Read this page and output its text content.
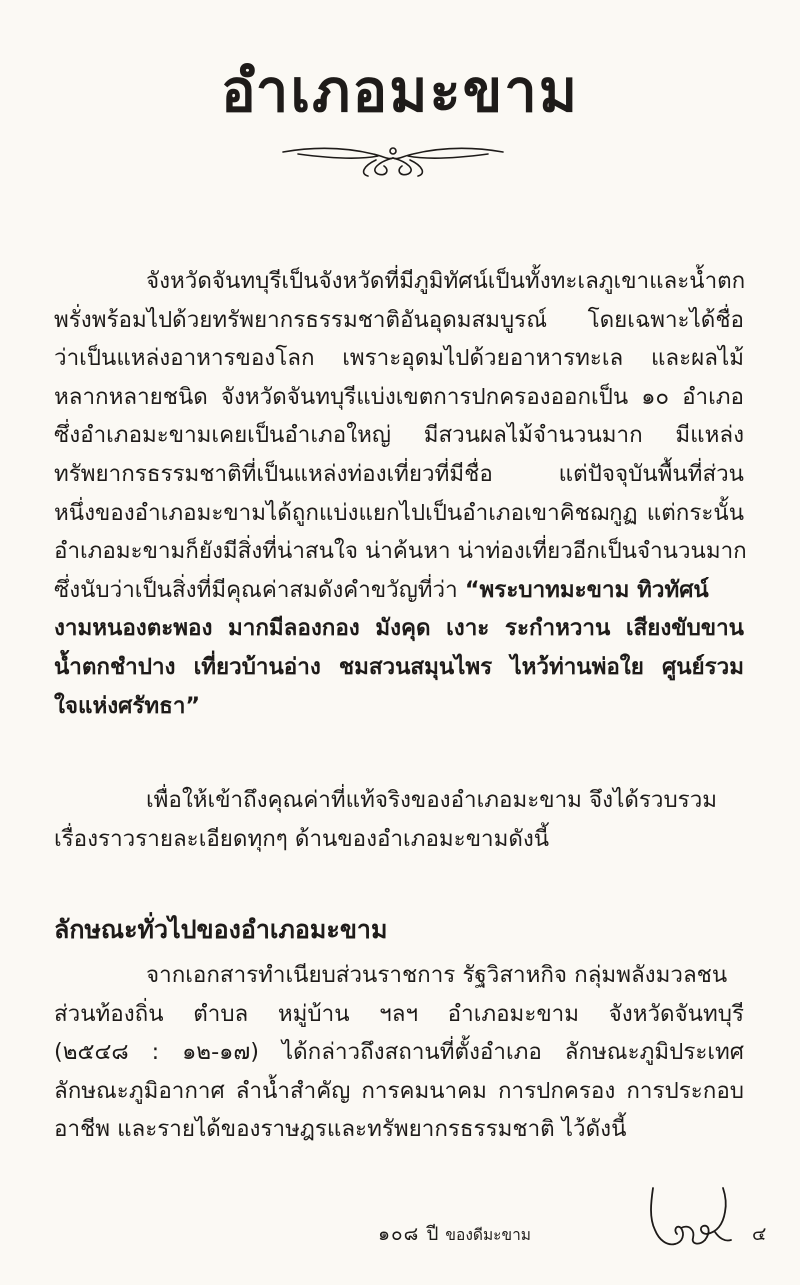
อำเภอมะขาม
จังหวัดจันทบุรีเป็นจังหวัดที่มีภูมิทัศน์เป็นทั้งทะเลภูเขาและน้ำตก
พรั่งพร้อมไปด้วยทรัพยากรธรรมชาติอันอุดมสมบูรณ์ โดยเฉพาะได้ชื่อ
ว่าเป็นแหล่งอาหารของโลก เพราะอุดมไปด้วยอาหารทะเล และผลไม้
หลากหลายชนิด จังหวัดจันทบุรีแบ่งเขตการปกครองออกเป็น ๑๐ อำเภอ
ซึ่งอำเภอมะขามเคยเป็นอำเภอใหญ่ มีสวนผลไม้จำนวนมาก มีแหล่ง
ทรัพยากรธรรมชาติที่เป็นแหล่งท่องเที่ยวที่มีชื่อ แต่ปัจจุบันพื้นที่ส่วน
หนึ่งของอำเภอมะขามได้ถูกแบ่งแยกไปเป็นอำเภอเขาคิชฌกูฏ แต่กระนั้น
อำเภอมะขามก็ยังมีสิ่งที่น่าสนใจ น่าค้นหา น่าท่องเที่ยวอีกเป็นจำนวนมาก
ซึ่งนับว่าเป็นสิ่งที่มีคุณค่าสมดังคำขวัญที่ว่า “พระบาทมะขาม ทิวทัศน์
งามหนองตะพอง มากมีลองกอง มังคุด เงาะ ระกำหวาน เสียงขับขาน
น้ำตกชำปาง เที่ยวบ้านอ่าง ชมสวนสมุนไพร ไหว้ท่านพ่อใย ศูนย์รวม
ใจแห่งศรัทธา”
เพื่อให้เข้าถึงคุณค่าที่แท้จริงของอำเภอมะขาม จึงได้รวบรวม
เรื่องราวรายละเอียดทุกๆ ด้านของอำเภอมะขามดังนี้
ลักษณะทั่วไปของอำเภอมะขาม
จากเอกสารทำเนียบส่วนราชการ รัฐวิสาหกิจ กลุ่มพลังมวลชน
ส่วนท้องถิ่น ตำบล หมู่บ้าน ฯลฯ อำเภอมะขาม จังหวัดจันทบุรี
(๒๕๔๘ : ๑๒-๑๗) ได้กล่าวถึงสถานที่ตั้งอำเภอ ลักษณะภูมิประเทศ
ลักษณะภูมิอากาศ ลำน้ำสำคัญ การคมนาคม การปกครอง การประกอบ
อาชีพ และรายได้ของราษฎรและทรัพยากรธรรมชาติ ไว้ดังนี้
๑๐๘ ปี ของดีมะขาม	๔
